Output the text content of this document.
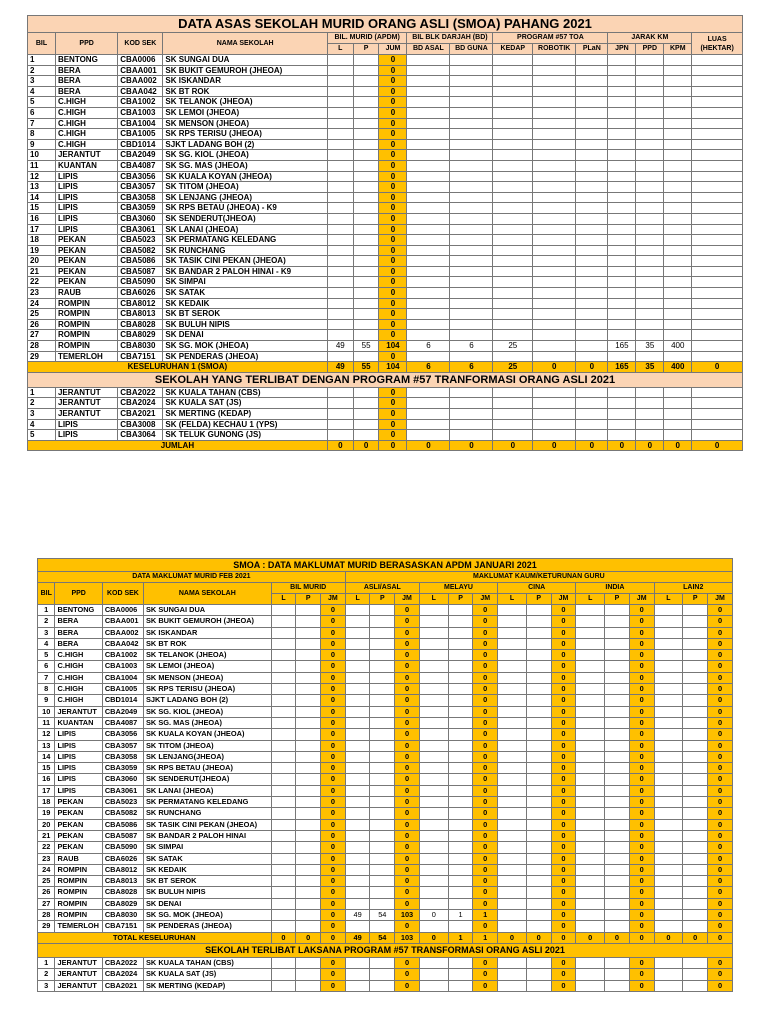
DATA ASAS SEKOLAH MURID ORANG ASLI (SMOA) PAHANG 2021															
BIL	PPD	KOD SEK	NAMA SEKOLAH	BIL. MURID (APDM)			BIL BLK DARJAH (BD)		PROGRAM #57 TOA			JARAK KM			LUAS (HEKTAR)
				L	P	JUM	BD ASAL	BD GUNA	KEDAP	ROBOTIK	PLaN	JPN	PPD	KPM	
1	BENTONG	CBA0006	SK SUNGAI DUA			0									
2	BERA	CBAA001	SK BUKIT GEMUROH (JHEOA)			0									
3	BERA	CBAA002	SK ISKANDAR			0									
4	BERA	CBAA042	SK BT ROK			0									
5	C.HIGH	CBA1002	SK TELANOK (JHEOA)			0									
6	C.HIGH	CBA1003	SK LEMOI (JHEOA)			0									
7	C.HIGH	CBA1004	SK MENSON (JHEOA)			0									
8	C.HIGH	CBA1005	SK RPS TERISU (JHEOA)			0									
9	C.HIGH	CBD1014	SJKT LADANG BOH (2)			0									
10	JERANTUT	CBA2049	SK SG. KIOL (JHEOA)			0									
11	KUANTAN	CBA4087	SK SG. MAS (JHEOA)			0									
12	LIPIS	CBA3056	SK KUALA KOYAN (JHEOA)			0									
13	LIPIS	CBA3057	SK TITOM (JHEOA)			0									
14	LIPIS	CBA3058	SK LENJANG (JHEOA)			0									
15	LIPIS	CBA3059	SK RPS BETAU (JHEOA) - K9			0									
16	LIPIS	CBA3060	SK SENDERUT(JHEOA)			0									
17	LIPIS	CBA3061	SK LANAI (JHEOA)			0									
18	PEKAN	CBA5023	SK PERMATANG KELEDANG			0									
19	PEKAN	CBA5082	SK RUNCHANG			0									
20	PEKAN	CBA5086	SK TASIK CINI PEKAN (JHEOA)			0									
21	PEKAN	CBA5087	SK BANDAR 2 PALOH HINAI - K9			0									
22	PEKAN	CBA5090	SK SIMPAI			0									
23	RAUB	CBA6026	SK SATAK			0									
24	ROMPIN	CBA8012	SK KEDAIK			0									
25	ROMPIN	CBA8013	SK BT SEROK			0									
26	ROMPIN	CBA8028	SK BULUH NIPIS			0									
27	ROMPIN	CBA8029	SK DENAI			0									
28	ROMPIN	CBA8030	SK SG. MOK (JHEOA)	49	55	104	6	6	25			165	35	400	
29	TEMERLOH	CBA7151	SK PENDERAS (JHEOA)			0									
KESELURUHAN 1 (SMOA)				49	55	104	6	6	25	0	0	165	35	400	0
SEKOLAH YANG TERLIBAT DENGAN PROGRAM #57 TRANFORMASI ORANG ASLI 2021															
1	JERANTUT	CBA2022	SK KUALA TAHAN (CBS)			0									
2	JERANTUT	CBA2024	SK KUALA SAT (JS)			0									
3	JERANTUT	CBA2021	SK MERTING (KEDAP)			0									
4	LIPIS	CBA3008	SK (FELDA) KECHAU 1 (YPS)			0									
5	LIPIS	CBA3064	SK TELUK GUNONG (JS)			0									
JUMLAH				0	0	0	0	0	0	0	0	0	0	0	0
SMOA : DATA MAKLUMAT MURID BERASASKAN APDM JANUARI 2021																					
DATA MAKLUMAT MURID FEB 2021							MAKLUMAT KAUM/KETURUNAN GURU														
BIL	PPD	KOD SEK	NAMA SEKOLAH	BIL MURID			ASLI/ASAL			MELAYU			CINA			INDIA			LAIN2		
				L	P	JM	L	P	JM	L	P	JM	L	P	JM	L	P	JM	L	P	JM
1	BENTONG	CBA0006	SK SUNGAI DUA			0			0			0			0			0			0
2	BERA	CBAA001	SK BUKIT GEMUROH (JHEOA)			0			0			0			0			0			0
3	BERA	CBAA002	SK ISKANDAR			0			0			0			0			0			0
4	BERA	CBAA042	SK BT ROK			0			0			0			0			0			0
5	C.HIGH	CBA1002	SK TELANOK (JHEOA)			0			0			0			0			0			0
6	C.HIGH	CBA1003	SK LEMOI (JHEOA)			0			0			0			0			0			0
7	C.HIGH	CBA1004	SK MENSON (JHEOA)			0			0			0			0			0			0
8	C.HIGH	CBA1005	SK RPS TERISU (JHEOA)			0			0			0			0			0			0
9	C.HIGH	CBD1014	SJKT LADANG BOH (2)			0			0			0			0			0			0
10	JERANTUT	CBA2049	SK SG. KIOL (JHEOA)			0			0			0			0			0			0
11	KUANTAN	CBA4087	SK SG. MAS (JHEOA)			0			0			0			0			0			0
12	LIPIS	CBA3056	SK KUALA KOYAN (JHEOA)			0			0			0			0			0			0
13	LIPIS	CBA3057	SK TITOM (JHEOA)			0			0			0			0			0			0
14	LIPIS	CBA3058	SK LENJANG(JHEOA)			0			0			0			0			0			0
15	LIPIS	CBA3059	SK RPS BETAU (JHEOA)			0			0			0			0			0			0
16	LIPIS	CBA3060	SK SENDERUT(JHEOA)			0			0			0			0			0			0
17	LIPIS	CBA3061	SK LANAI (JHEOA)			0			0			0			0			0			0
18	PEKAN	CBA5023	SK PERMATANG KELEDANG			0			0			0			0			0			0
19	PEKAN	CBA5082	SK RUNCHANG			0			0			0			0			0			0
20	PEKAN	CBA5086	SK TASIK CINI PEKAN (JHEOA)			0			0			0			0			0			0
21	PEKAN	CBA5087	SK BANDAR 2 PALOH HINAI			0			0			0			0			0			0
22	PEKAN	CBA5090	SK SIMPAI			0			0			0			0			0			0
23	RAUB	CBA6026	SK SATAK			0			0			0			0			0			0
24	ROMPIN	CBA8012	SK KEDAIK			0			0			0			0			0			0
25	ROMPIN	CBA8013	SK BT SEROK			0			0			0			0			0			0
26	ROMPIN	CBA8028	SK BULUH NIPIS			0			0			0			0			0			0
27	ROMPIN	CBA8029	SK DENAI			0			0			0			0			0			0
28	ROMPIN	CBA8030	SK SG. MOK (JHEOA)			0	49	54	103	0	1	1			0			0			0
29	TEMERLOH	CBA7151	SK PENDERAS (JHEOA)			0			0			0			0			0			0
TOTAL KESELURUHAN				0	0	0	49	54	103	0	1	1	0	0	0	0	0	0	0	0	0
SEKOLAH TERLIBAT LAKSANA PROGRAM #57 TRANSFORMASI ORANG ASLI 2021																					
1	JERANTUT	CBA2022	SK KUALA TAHAN (CBS)			0			0			0			0			0			0
2	JERANTUT	CBA2024	SK KUALA SAT (JS)			0			0			0			0			0			0
3	JERANTUT	CBA2021	SK MERTING (KEDAP)			0			0			0			0			0			0
